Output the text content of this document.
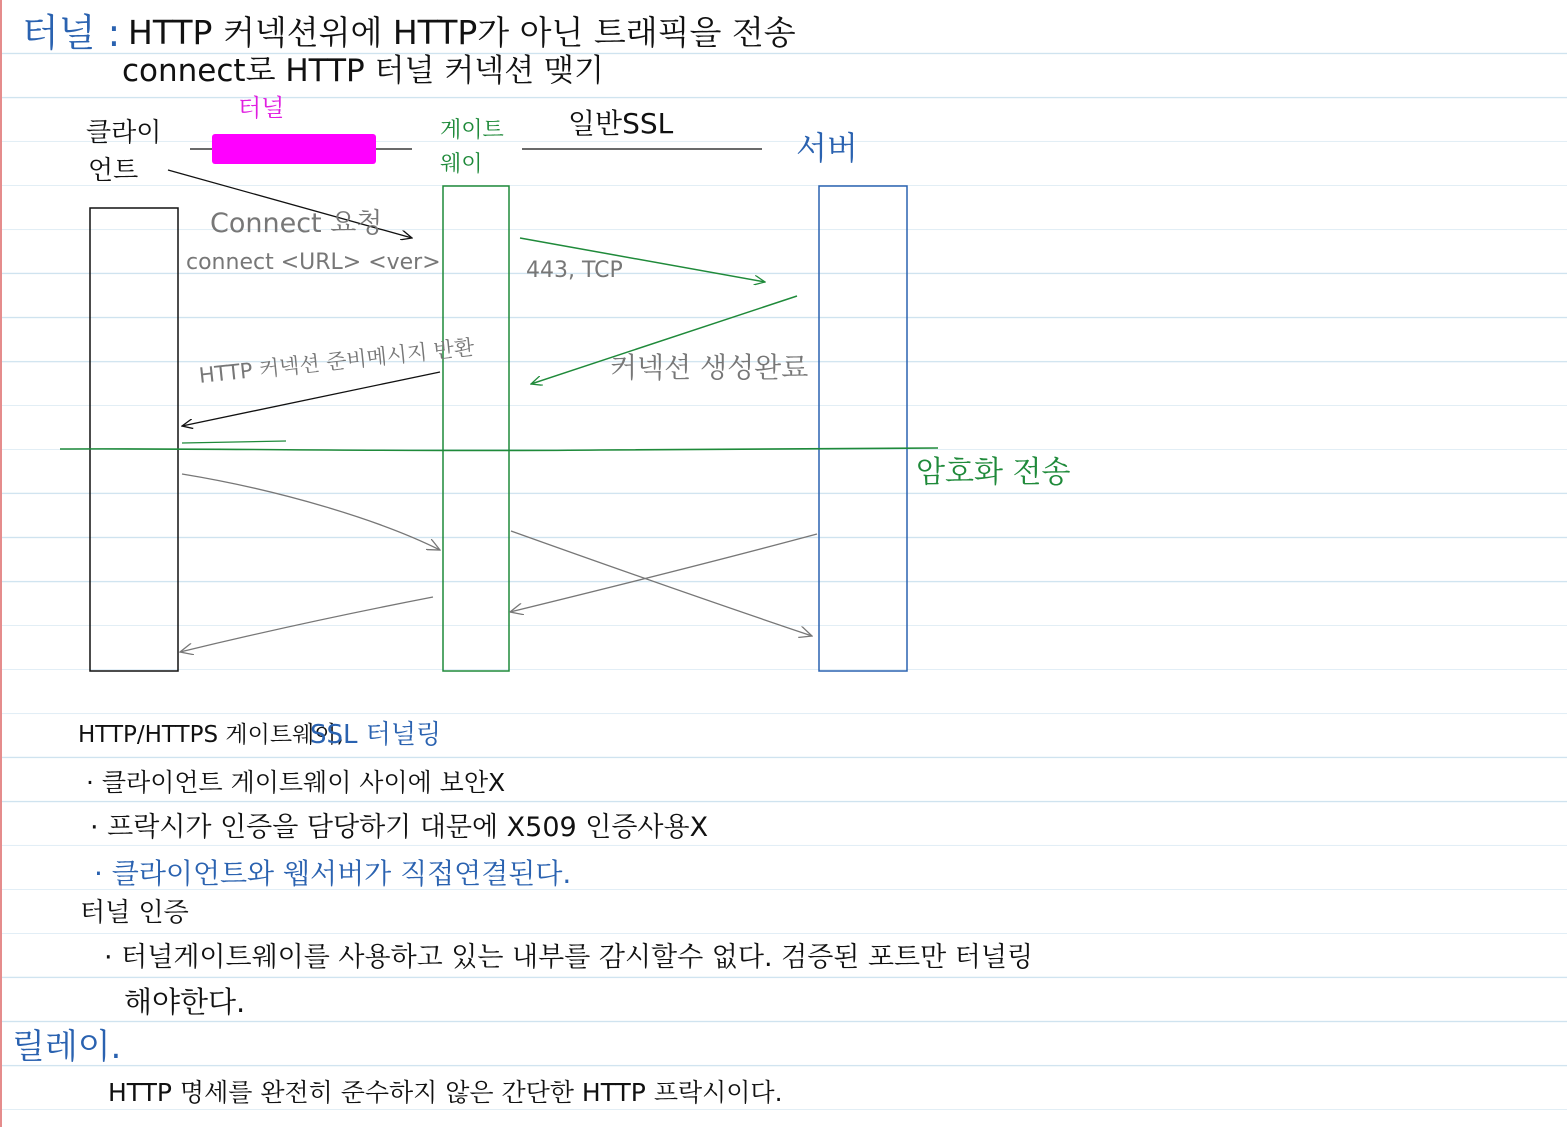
터널 : HTTP 커넥션위에 HTTP가 아닌 트래픽을 전송
connect로 HTTP 터널 커넥션 맺기
클라이
언트
터널
게이트
웨이
일반SSL
서버
Connect 요청
connect <URL> <ver>	443, TCP
커넥션 생성완료
HTTP 커넥션 준비메시지 반환
암호화 전송
HTTP/HTTPS 게이트웨이,
SSL 터널링
· 클라이언트 게이트웨이 사이에 보안X
· 프락시가 인증을 담당하기 대문에 X509 인증사용X
· 클라이언트와 웹서버가 직접연결된다.
터널 인증
· 터널게이트웨이를 사용하고 있는 내부를 감시할수 없다. 검증된 포트만 터널링
해야한다.
릴레이.
HTTP 명세를 완전히 준수하지 않은 간단한 HTTP 프락시이다.
